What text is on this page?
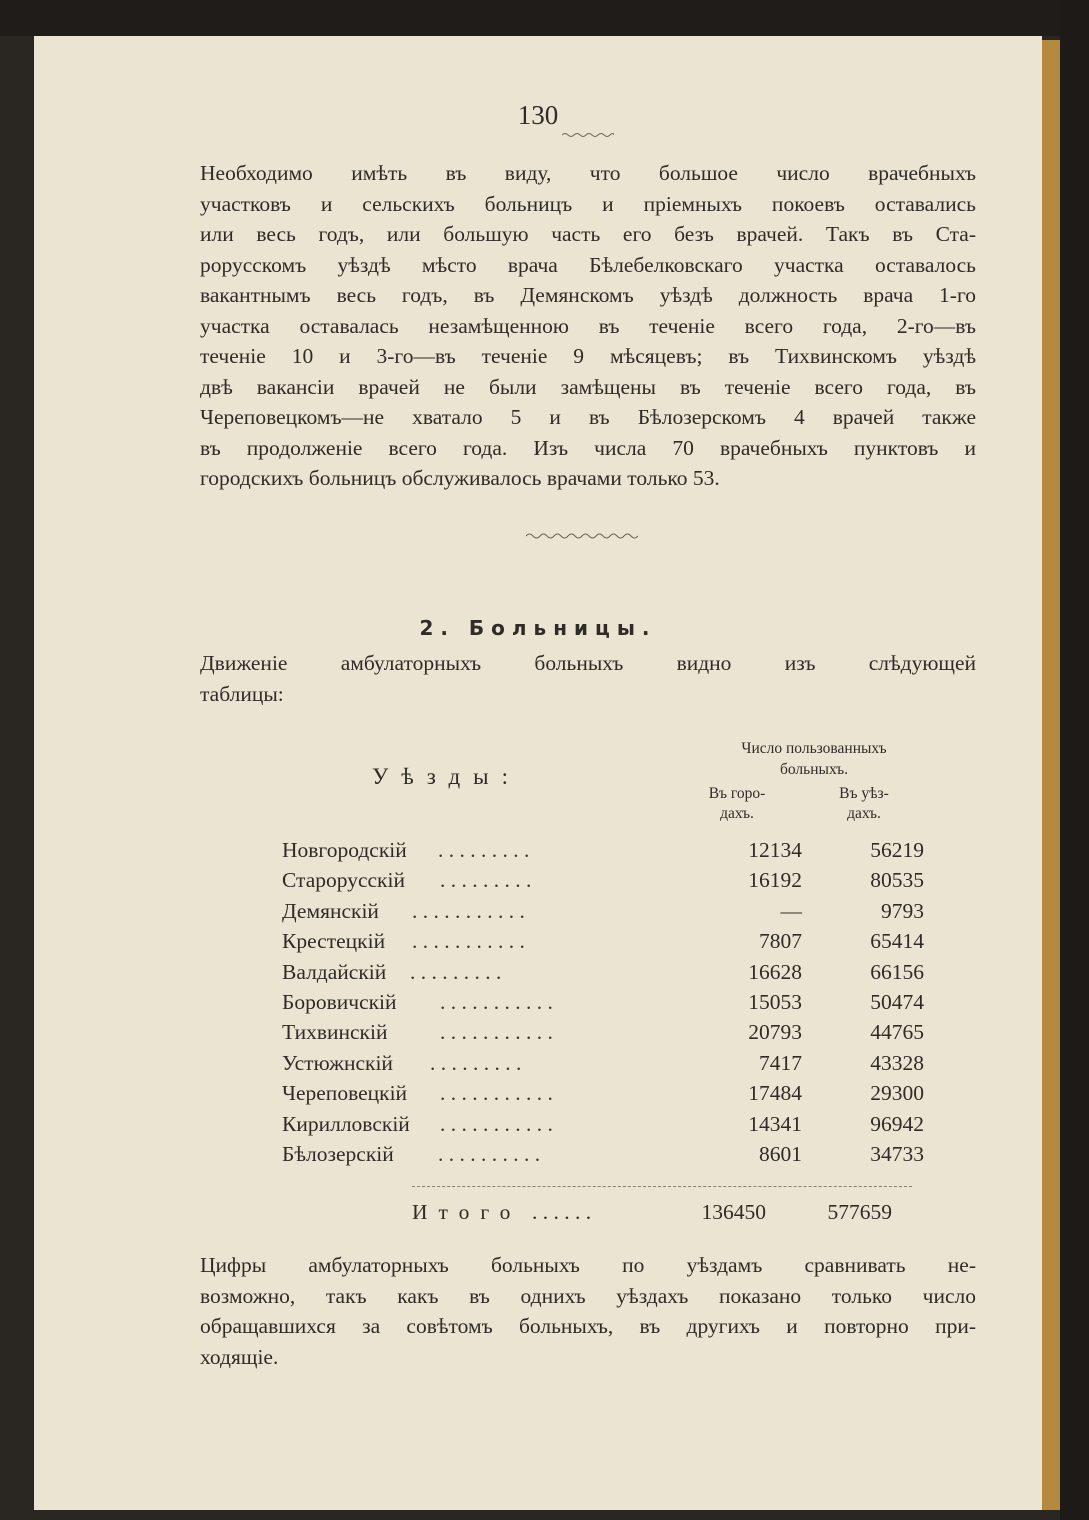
130
Необходимо имѣть въ виду, что большое число врачебныхъ
участковъ и сельскихъ больницъ и пріемныхъ покоевъ оставались
или весь годъ, или большую часть его безъ врачей. Такъ въ Ста-
рорусскомъ уѣздѣ мѣсто врача Бѣлебелковскаго участка оставалось
вакантнымъ весь годъ, въ Демянскомъ уѣздѣ должность врача 1-го
участка оставалась незамѣщенною въ теченіе всего года, 2-го—въ
теченіе 10 и 3-го—въ теченіе 9 мѣсяцевъ; въ Тихвинскомъ уѣздѣ
двѣ вакансіи врачей не были замѣщены въ теченіе всего года, въ
Череповецкомъ—не хватало 5 и въ Бѣлозерскомъ 4 врачей также
въ продолженіе всего года. Изъ числа 70 врачебныхъ пунктовъ и
городскихъ больницъ обслуживалось врачами только 53.
2. Больницы.
Движеніе амбулаторныхъ больныхъ видно изъ слѣдующей
таблицы:
Уѣзды:
Число пользованныхъ
больныхъ.
Въ горо-
дахъ.
Въ уѣз-
дахъ.
Новгородскій . . . . . . . . .	12134	56219
Старорусскій . . . . . . . . .	16192	80535
Демянскій . . . . . . . . . . .	—	9793
Крестецкій . . . . . . . . . . .	7807	65414
Валдайскій . . . . . . . . .	16628	66156
Боровичскій . . . . . . . . . . .	15053	50474
Тихвинскій . . . . . . . . . . .	20793	44765
Устюжнскій . . . . . . . . .	7417	43328
Череповецкій . . . . . . . . . . .	17484	29300
Кирилловскій . . . . . . . . . . .	14341	96942
Бѣлозерскій . . . . . . . . . .	8601	34733
Итого . . . . . .	136450	577659
Цифры амбулаторныхъ больныхъ по уѣздамъ сравнивать не-
возможно, такъ какъ въ однихъ уѣздахъ показано только число
обращавшихся за совѣтомъ больныхъ, въ другихъ и повторно при-
ходящіе.
